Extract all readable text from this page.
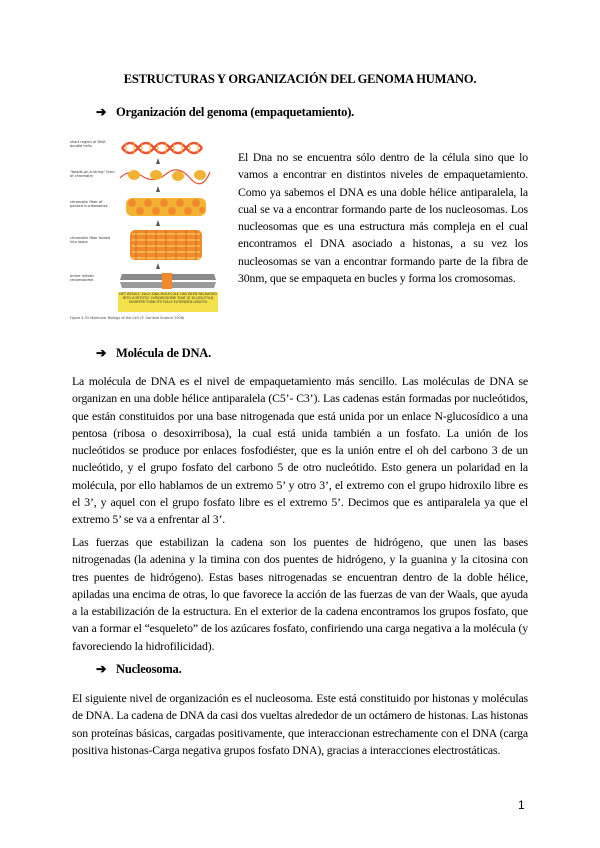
ESTRUCTURAS Y ORGANIZACIÓN DEL GENOMA HUMANO.
➔ Organización del genoma (empaquetamiento).
NET RESULT: EACH DNA MOLECULE HAS BEEN PACKAGED INTO A MITOTIC CHROMOSOME THAT IS 10,000-FOLD SHORTER THAN ITS FULLY EXTENDED LENGTH
short region of DNA double helix
"beads-on-a-string" form of chromatin
chromatin fiber of packed nucleosomes
chromatin fiber folded into loops
entire mitotic chromosome
Figure 4-55 Molecular Biology of the Cell (© Garland Science 2008)
El Dna no se encuentra sólo dentro de la célula sino que lo vamos a encontrar en distintos niveles de empaquetamiento. Como ya sabemos el DNA es una doble hélice antiparalela, la cual se va a encontrar formando parte de los nucleosomas. Los nucleosomas que es una estructura más compleja en el cual encontramos el DNA asociado a histonas, a su vez los nucleosomas se van a encontrar formando parte de la fibra de 30nm, que se empaqueta en bucles y forma los cromosomas.
➔ Molécula de DNA.
La molécula de DNA es el nivel de empaquetamiento más sencillo. Las moléculas de DNA se organizan en una doble hélice antiparalela (C5’- C3’). Las cadenas están formadas por nucleótidos, que están constituidos por una base nitrogenada que está unida por un enlace N-glucosídico a una pentosa (ribosa o desoxirribosa), la cual está unida también a un fosfato. La unión de los nucleótidos se produce por enlaces fosfodiéster, que es la unión entre el oh del carbono 3 de un nucleótido, y el grupo fosfato del carbono 5 de otro nucleótido. Esto genera un polaridad en la molécula, por ello hablamos de un extremo 5’ y otro 3’, el extremo con el grupo hidroxilo libre es el 3’, y aquel con el grupo fosfato libre es el extremo 5’. Decimos que es antiparalela ya que el extremo 5’ se va a enfrentar al 3’.
Las fuerzas que estabilizan la cadena son los puentes de hidrógeno, que unen las bases nitrogenadas (la adenina y la timina con dos puentes de hidrógeno, y la guanina y la citosina con tres puentes de hidrógeno). Estas bases nitrogenadas se encuentran dentro de la doble hélice, apiladas una encima de otras, lo que favorece la acción de las fuerzas de van der Waals, que ayuda a la estabilización de la estructura. En el exterior de la cadena encontramos los grupos fosfato, que van a formar el “esqueleto” de los azúcares fosfato, confiriendo una carga negativa a la molécula (y favoreciendo la hidrofilicidad).
➔ Nucleosoma.
El siguiente nivel de organización es el nucleosoma. Este está constituido por histonas y moléculas de DNA. La cadena de DNA da casi dos vueltas alrededor de un octámero de histonas. Las histonas son proteínas básicas, cargadas positivamente, que interaccionan estrechamente con el DNA (carga positiva histonas-Carga negativa grupos fosfato DNA), gracias a interacciones electrostáticas.
1
